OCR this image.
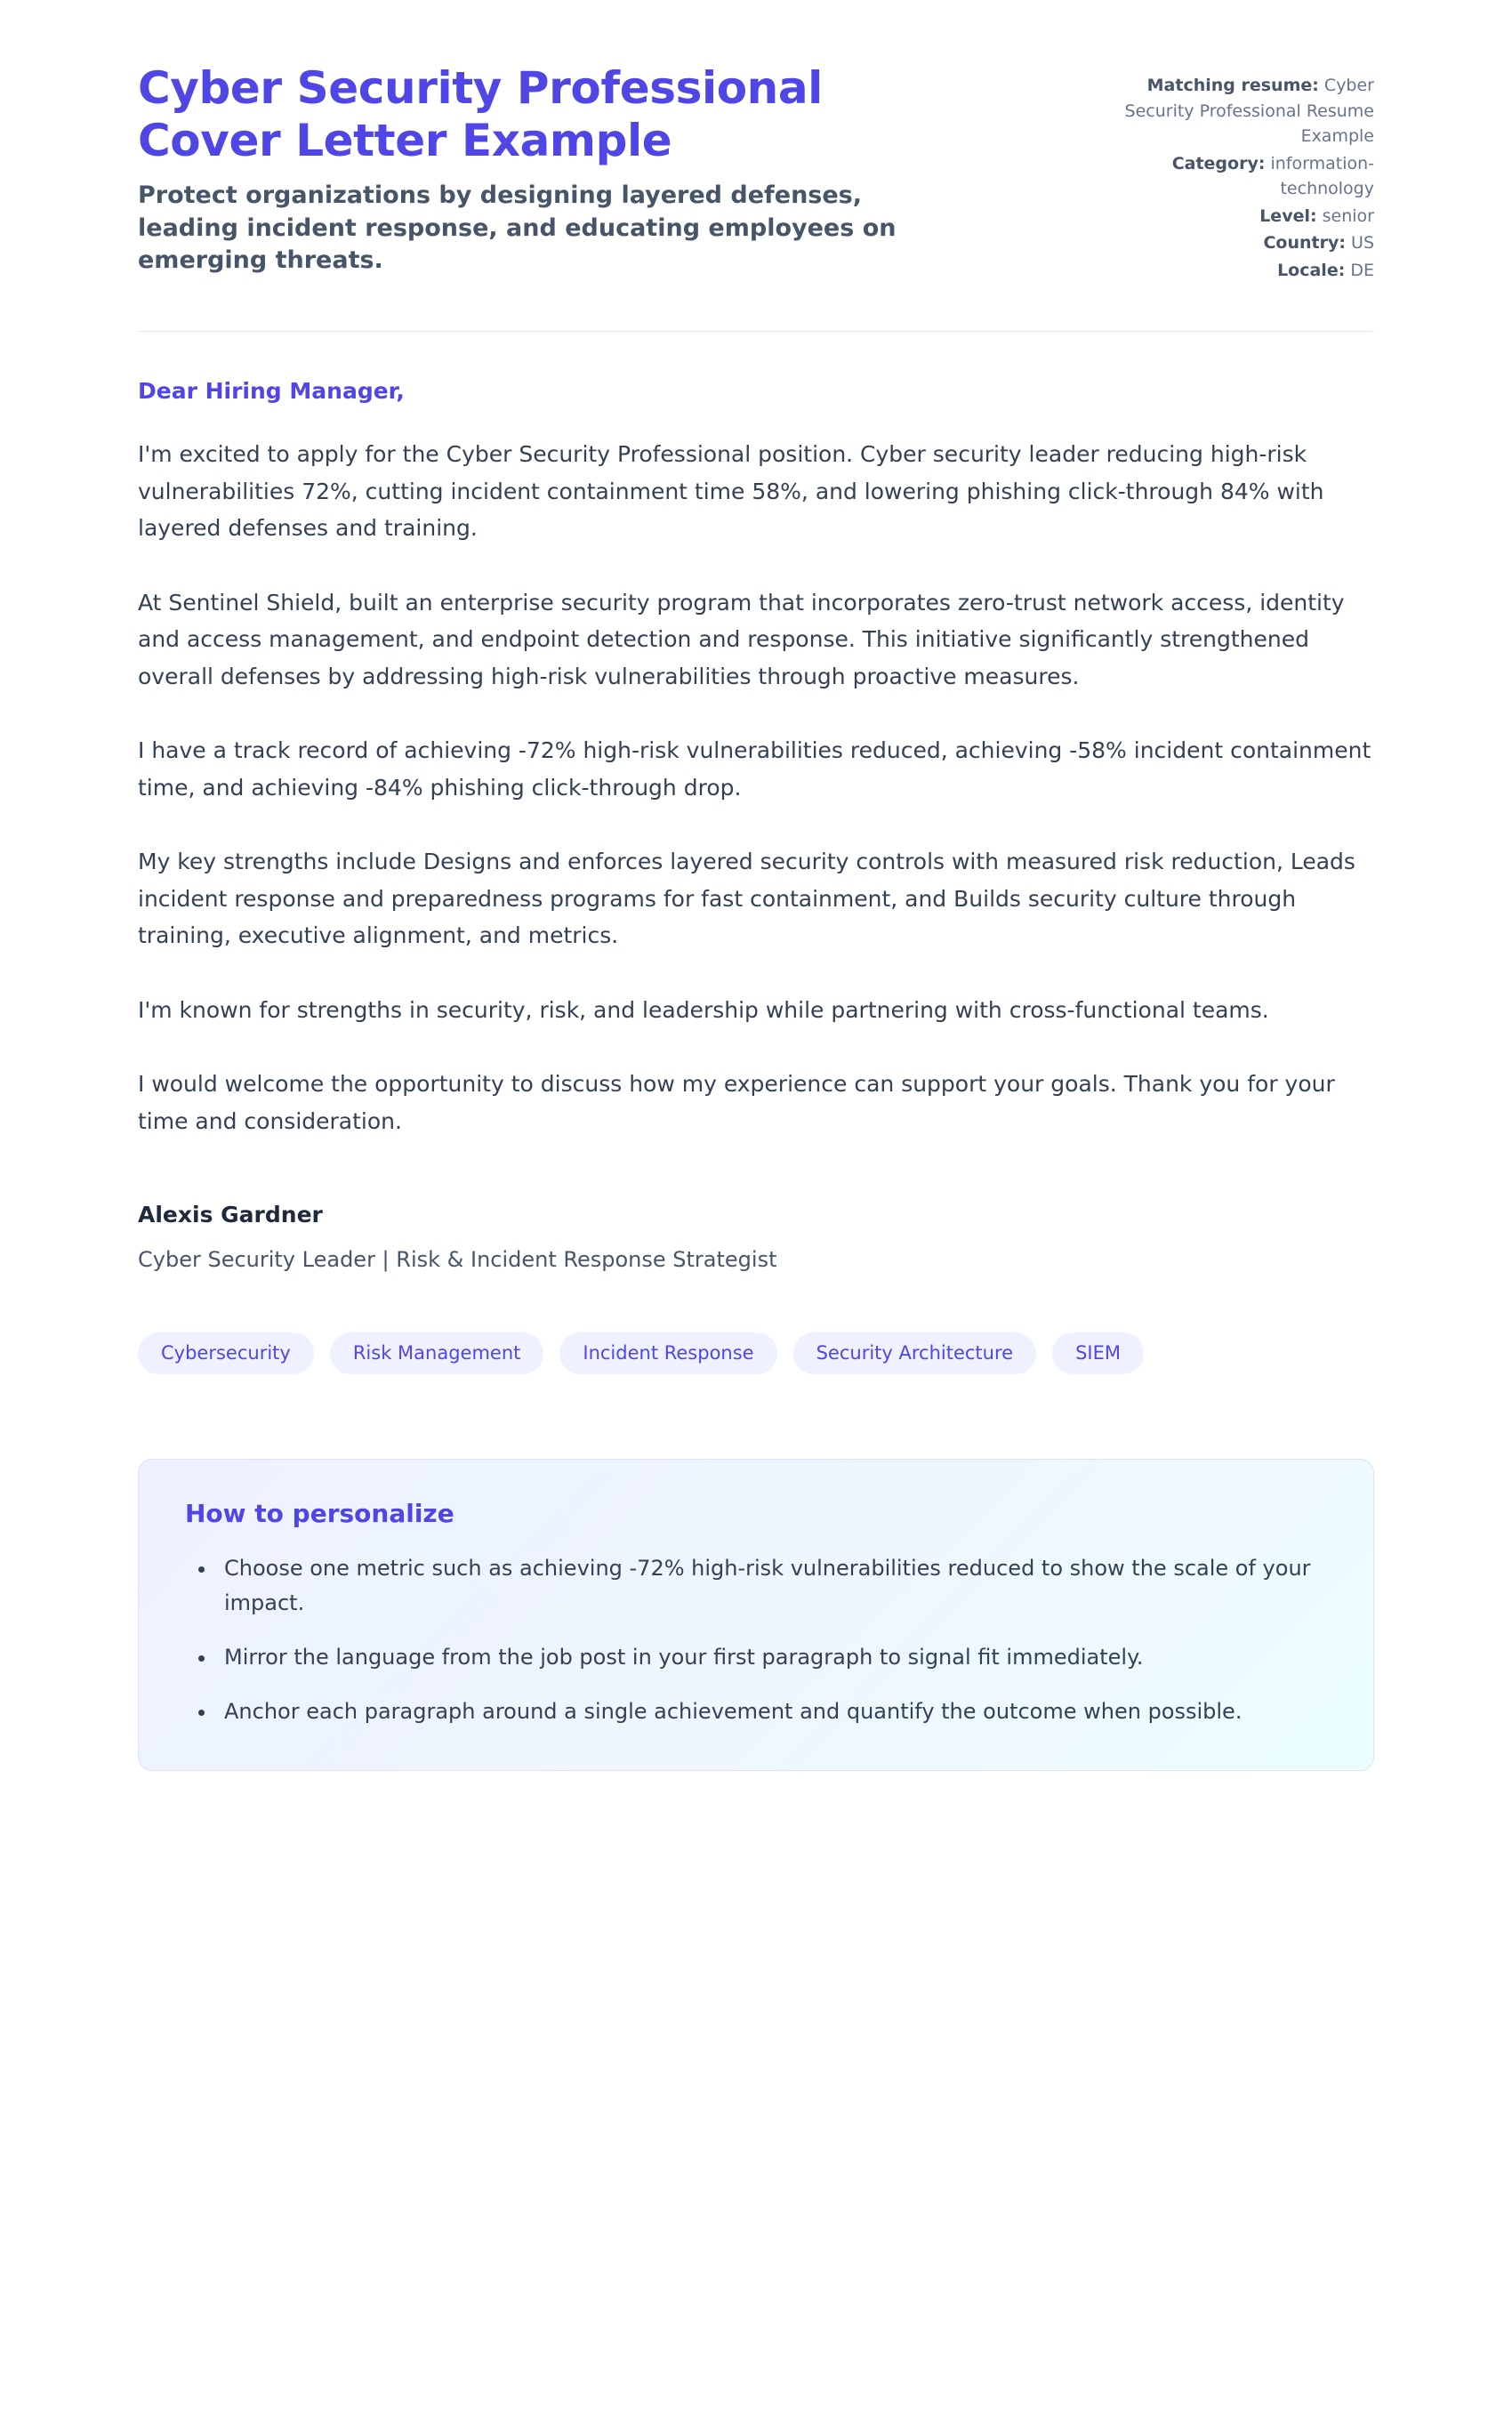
Cyber Security Professional Cover Letter Example

Protect organizations by designing layered defenses, leading incident response, and educating employees on emerging threats.

Matching resume: Cyber Security Professional Resume Example
Category: information-technology
Level: senior
Country: US
Locale: DE

Dear Hiring Manager,

I'm excited to apply for the Cyber Security Professional position. Cyber security leader reducing high-risk vulnerabilities 72%, cutting incident containment time 58%, and lowering phishing click-through 84% with layered defenses and training.

At Sentinel Shield, built an enterprise security program that incorporates zero-trust network access, identity and access management, and endpoint detection and response. This initiative significantly strengthened overall defenses by addressing high-risk vulnerabilities through proactive measures.

I have a track record of achieving -72% high-risk vulnerabilities reduced, achieving -58% incident containment time, and achieving -84% phishing click-through drop.

My key strengths include Designs and enforces layered security controls with measured risk reduction, Leads incident response and preparedness programs for fast containment, and Builds security culture through training, executive alignment, and metrics.

I'm known for strengths in security, risk, and leadership while partnering with cross-functional teams.

I would welcome the opportunity to discuss how my experience can support your goals. Thank you for your time and consideration.

Alexis Gardner

Cyber Security Leader | Risk & Incident Response Strategist

Cybersecurity	Risk Management	Incident Response	Security Architecture	SIEM
How to personalize
• Choose one metric such as achieving -72% high-risk vulnerabilities reduced to show the scale of your impact.
• Mirror the language from the job post in your first paragraph to signal fit immediately.
• Anchor each paragraph around a single achievement and quantify the outcome when possible.
